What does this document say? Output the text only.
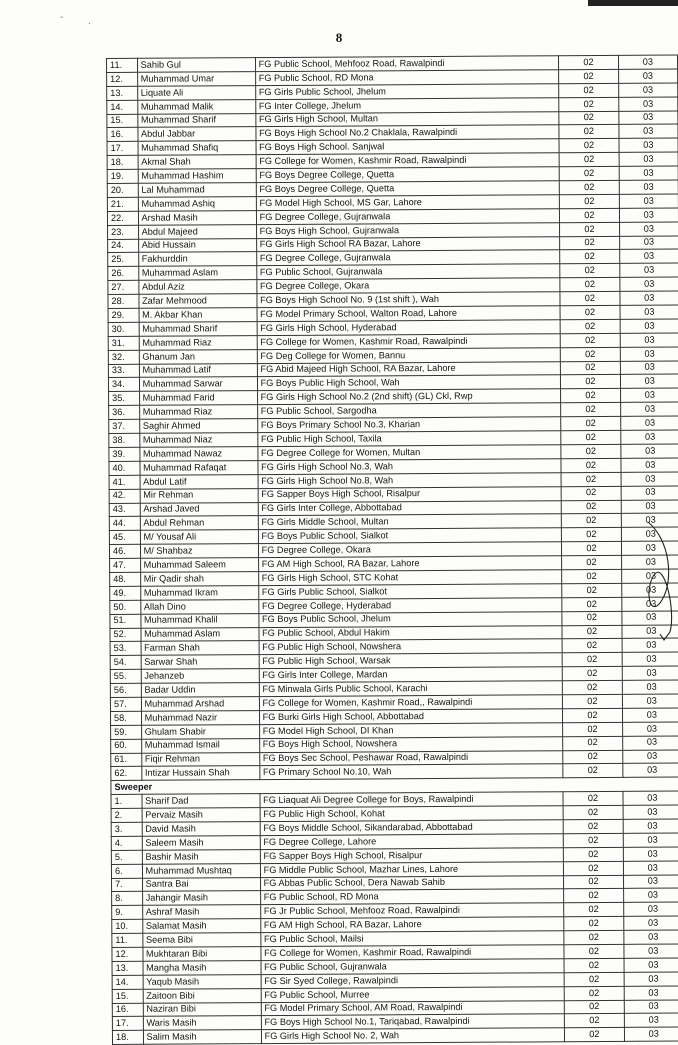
- .
8
11.	Sahib Gul	FG Public School, Mehfooz Road, Rawalpindi	02	03
12.	Muhammad Umar	FG Public School, RD Mona	02	03
13.	Liquate Ali	FG Girls Public School, Jhelum	02	03
14.	Muhammad Malik	FG Inter College, Jhelum	02	03
15.	Muhammad Sharif	FG Girls High School, Multan	02	03
16.	Abdul Jabbar	FG Boys High School No.2 Chaklala, Rawalpindi	02	03
17.	Muhammad Shafiq	FG Boys High School. Sanjwal	02	03
18.	Akmal Shah	FG College for Women, Kashmir Road, Rawalpindi	02	03
19.	Muhammad Hashim	FG Boys Degree College, Quetta	02	03
20.	Lal Muhammad	FG Boys Degree College, Quetta	02	03
21.	Muhammad Ashiq	FG Model High School, MS Gar, Lahore	02	03
22.	Arshad Masih	FG Degree College, Gujranwala	02	03
23.	Abdul Majeed	FG Boys High School, Gujranwala	02	03
24.	Abid Hussain	FG Girls High School RA Bazar, Lahore	02	03
25.	Fakhurddin	FG Degree College, Gujranwala	02	03
26.	Muhammad Aslam	FG Public School, Gujranwala	02	03
27.	Abdul Aziz	FG Degree College, Okara	02	03
28.	Zafar Mehmood	FG Boys High School No. 9 (1st shift ), Wah	02	03
29.	M. Akbar Khan	FG Model Primary School, Walton Road, Lahore	02	03
30.	Muhammad Sharif	FG Girls High School, Hyderabad	02	03
31.	Muhammad Riaz	FG College for Women, Kashmir Road, Rawalpindi	02	03
32.	Ghanum Jan	FG Deg College for Women, Bannu	02	03
33.	Muhammad Latif	FG Abid Majeed High School, RA Bazar, Lahore	02	03
34.	Muhammad Sarwar	FG Boys Public High School, Wah	02	03
35.	Muhammad Farid	FG Girls High School No.2 (2nd shift) (GL) Ckl, Rwp	02	03
36.	Muhammad Riaz	FG Public School, Sargodha	02	03
37.	Saghir Ahmed	FG Boys Primary School No.3, Kharian	02	03
38.	Muhammad Niaz	FG Public High School, Taxila	02	03
39.	Muhammad Nawaz	FG Degree College for Women, Multan	02	03
40.	Muhammad Rafaqat	FG Girls High School No.3, Wah	02	03
41.	Abdul Latif	FG Girls High School No.8, Wah	02	03
42.	Mir Rehman	FG Sapper Boys High School, Risalpur	02	03
43.	Arshad Javed	FG Girls Inter College, Abbottabad	02	03
44.	Abdul Rehman	FG Girls Middle School, Multan	02	03
45.	M/ Yousaf Ali	FG Boys Public School, Sialkot	02	03
46.	M/ Shahbaz	FG Degree College, Okara	02	03
47.	Muhammad Saleem	FG AM High School, RA Bazar, Lahore	02	03
48.	Mir Qadir shah	FG Girls High School, STC Kohat	02	03
49.	Muhammad Ikram	FG Girls Public School, Sialkot	02	03
50.	Allah Dino	FG Degree College, Hyderabad	02	03
51.	Muhammad Khalil	FG Boys Public School, Jhelum	02	03
52.	Muhammad Aslam	FG Public School, Abdul Hakim	02	03
53.	Farman Shah	FG Public High School, Nowshera	02	03
54.	Sarwar Shah	FG Public High School, Warsak	02	03
55.	Jehanzeb	FG Girls Inter College, Mardan	02	03
56.	Badar Uddin	FG Minwala Girls Public School, Karachi	02	03
57.	Muhammad Arshad	FG College for Women, Kashmir Road,, Rawalpindi	02	03
58.	Muhammad Nazir	FG Burki Girls High School, Abbottabad	02	03
59.	Ghulam Shabir	FG Model High School, DI Khan	02	03
60.	Muhammad Ismail	FG Boys High School, Nowshera	02	03
61.	Fiqir Rehman	FG Boys Sec School, Peshawar Road, Rawalpindi	02	03
62.	Intizar Hussain Shah	FG Primary School No.10, Wah	02	03
Sweeper				
1.	Sharif Dad	FG Liaquat Ali Degree College for Boys, Rawalpindi	02	03
2.	Pervaiz Masih	FG Public High School, Kohat	02	03
3.	David Masih	FG Boys Middle School, Sikandarabad, Abbottabad	02	03
4.	Saleem Masih	FG Degree College, Lahore	02	03
5.	Bashir Masih	FG Sapper Boys High School, Risalpur	02	03
6.	Muhammad Mushtaq	FG Middle Public School, Mazhar Lines, Lahore	02	03
7.	Santra Bai	FG Abbas Public School, Dera Nawab Sahib	02	03
8.	Jahangir Masih	FG Public School, RD Mona	02	03
9.	Ashraf Masih	FG Jr Public School, Mehfooz Road, Rawalpindi	02	03
10.	Salamat Masih	FG AM High School, RA Bazar, Lahore	02	03
11.	Seema Bibi	FG Public School, Mailsi	02	03
12.	Mukhtaran Bibi	FG College for Women, Kashmir Road, Rawalpindi	02	03
13.	Mangha Masih	FG Public School, Gujranwala	02	03
14.	Yaqub Masih	FG Sir Syed College, Rawalpindi	02	03
15.	Zaitoon Bibi	FG Public School, Murree	02	03
16.	Naziran Bibi	FG Model Primary School, AM Road, Rawalpindi	02	03
17.	Waris Masih	FG Boys High School No.1, Tariqabad, Rawalpindi	02	03
18.	Salim Masih	FG Girls High School No. 2, Wah	02	03
